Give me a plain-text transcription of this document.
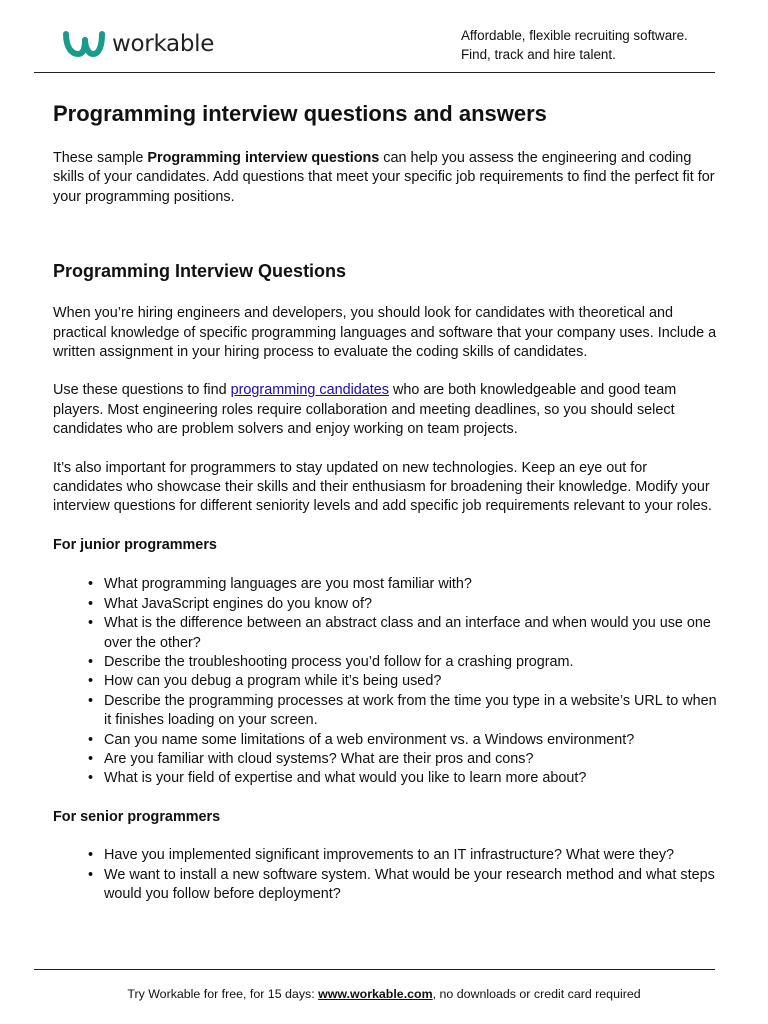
workable	Affordable, flexible recruiting software.
Find, track and hire talent.
Programming interview questions and answers

These sample Programming interview questions can help you assess the engineering and coding skills of your candidates. Add questions that meet your specific job requirements to find the perfect fit for your programming positions.

Programming Interview Questions

When you’re hiring engineers and developers, you should look for candidates with theoretical and practical knowledge of specific programming languages and software that your company uses. Include a written assignment in your hiring process to evaluate the coding skills of candidates.

Use these questions to find programming candidates who are both knowledgeable and good team players. Most engineering roles require collaboration and meeting deadlines, so you should select candidates who are problem solvers and enjoy working on team projects.

It’s also important for programmers to stay updated on new technologies. Keep an eye out for candidates who showcase their skills and their enthusiasm for broadening their knowledge. Modify your interview questions for different seniority levels and add specific job requirements relevant to your roles.

For junior programmers
• What programming languages are you most familiar with?
• What JavaScript engines do you know of?
• What is the difference between an abstract class and an interface and when would you use one over the other?
• Describe the troubleshooting process you’d follow for a crashing program.
• How can you debug a program while it’s being used?
• Describe the programming processes at work from the time you type in a website’s URL to when it finishes loading on your screen.
• Can you name some limitations of a web environment vs. a Windows environment?
• Are you familiar with cloud systems? What are their pros and cons?
• What is your field of expertise and what would you like to learn more about?
For senior programmers
• Have you implemented significant improvements to an IT infrastructure? What were they?
• We want to install a new software system. What would be your research method and what steps would you follow before deployment?
Try Workable for free, for 15 days: www.workable.com, no downloads or credit card required
